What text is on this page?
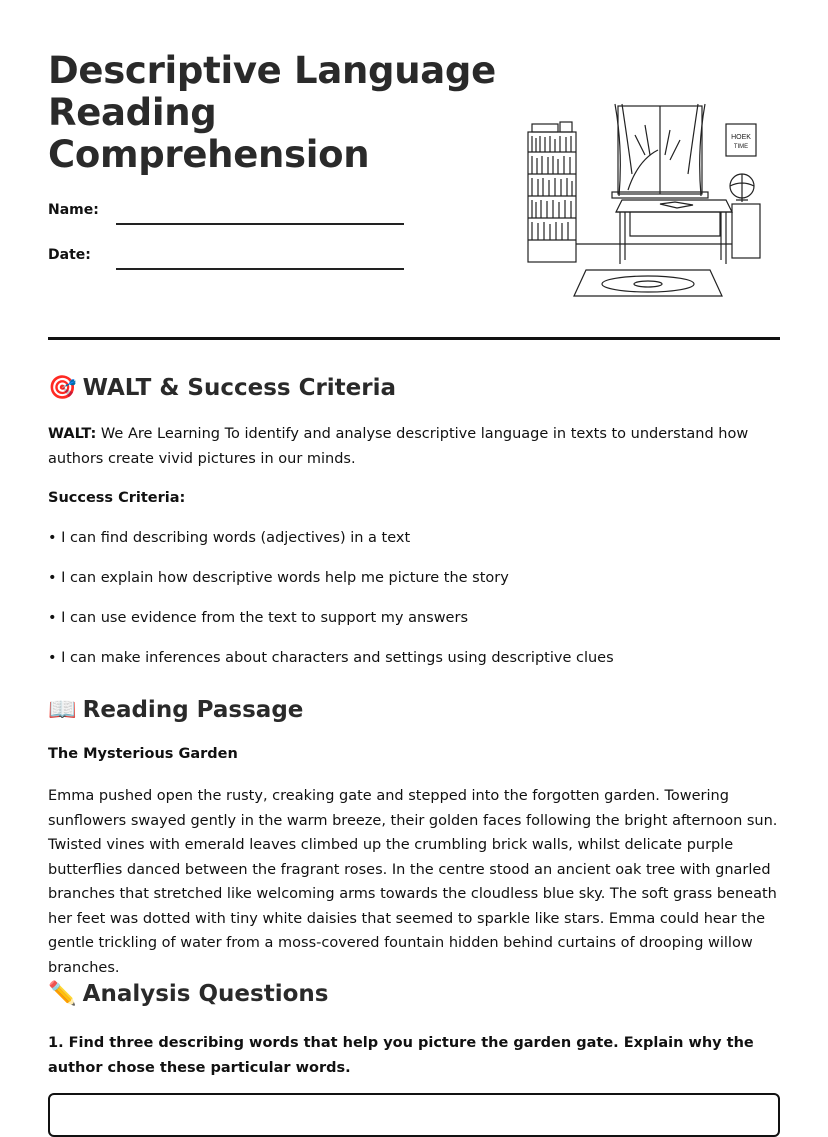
Descriptive Language
Reading
Comprehension
Name:
Date:
HOEK
TIME
🎯 WALT & Success Criteria

WALT: We Are Learning To identify and analyse descriptive language in texts to understand how authors create vivid pictures in our minds.

Success Criteria:

• I can find describing words (adjectives) in a text

• I can explain how descriptive words help me picture the story

• I can use evidence from the text to support my answers

• I can make inferences about characters and settings using descriptive clues

📖 Reading Passage

The Mysterious Garden

Emma pushed open the rusty, creaking gate and stepped into the forgotten garden. Towering sunflowers swayed gently in the warm breeze, their golden faces following the bright afternoon sun. Twisted vines with emerald leaves climbed up the crumbling brick walls, whilst delicate purple butterflies danced between the fragrant roses. In the centre stood an ancient oak tree with gnarled branches that stretched like welcoming arms towards the cloudless blue sky. The soft grass beneath her feet was dotted with tiny white daisies that seemed to sparkle like stars. Emma could hear the gentle trickling of water from a moss-covered fountain hidden behind curtains of drooping willow branches.

✏️ Analysis Questions

1. Find three describing words that help you picture the garden gate. Explain why the author chose these particular words.
